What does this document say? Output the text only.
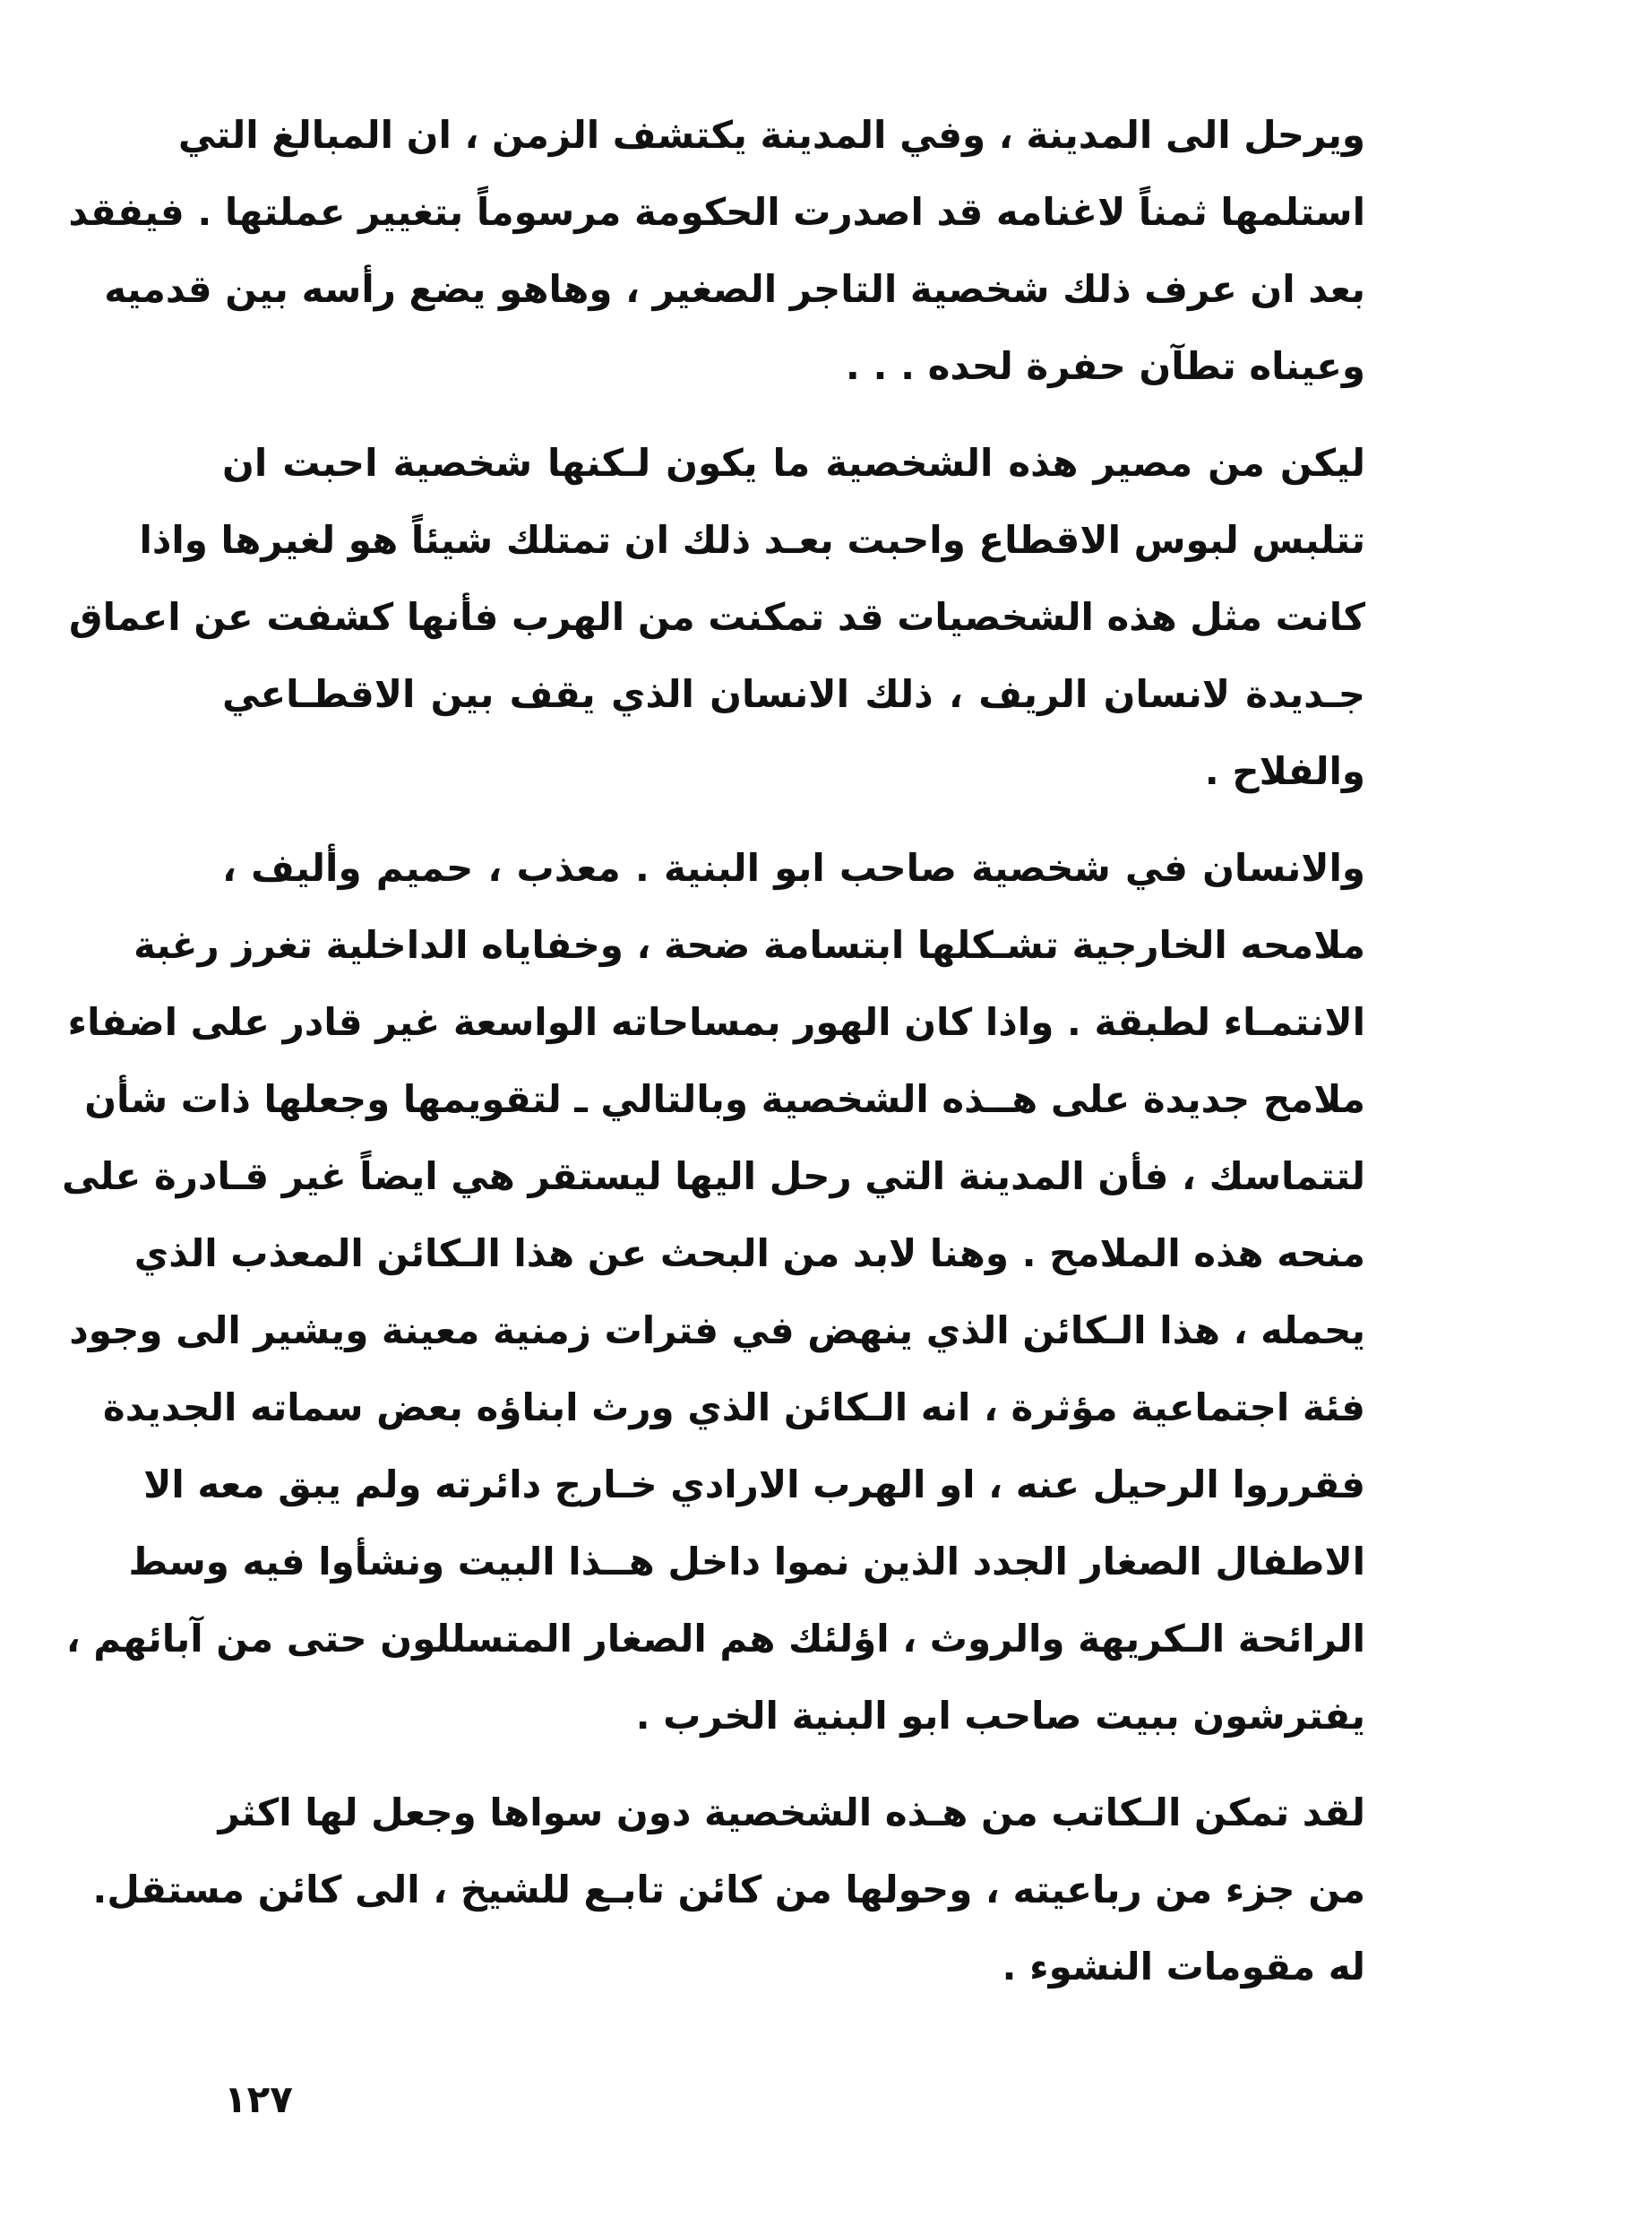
ويرحل الى المدينة ، وفي المدينة يكتشف الزمن ، ان المبالغ التي
استلمها ثمناً لاغنامه قد اصدرت الحكومة مرسوماً بتغيير عملتها . فيفقد
بعد ان عرف ذلك شخصية التاجر الصغير ، وهاهو يضع رأسه بين قدميه
وعيناه تطآن حفرة لحده . . .

ليكن من مصير هذه الشخصية ما يكون لـكنها شخصية احبت ان
تتلبس لبوس الاقطاع واحبت بعـد ذلك ان تمتلك شيئاً هو لغيرها واذا
كانت مثل هذه الشخصيات قد تمكنت من الهرب فأنها كشفت عن اعماق
جـديدة لانسان الريف ، ذلك الانسان الذي يقف بين الاقطـاعي
والفلاح .

والانسان في شخصية صاحب ابو البنية . معذب ، حميم وأليف ،
ملامحه الخارجية تشـكلها ابتسامة ضحة ، وخفاياه الداخلية تغرز رغبة
الانتمـاء لطبقة . واذا كان الهور بمساحاته الواسعة غير قادر على اضفاء
ملامح جديدة على هــذه الشخصية وبالتالي ـ لتقويمها وجعلها ذات شأن
لتتماسك ، فأن المدينة التي رحل اليها ليستقر هي ايضاً غير قـادرة على
منحه هذه الملامح . وهنا لابد من البحث عن هذا الـكائن المعذب الذي
يحمله ، هذا الـكائن الذي ينهض في فترات زمنية معينة ويشير الى وجود
فئة اجتماعية مؤثرة ، انه الـكائن الذي ورث ابناؤه بعض سماته الجديدة
فقرروا الرحيل عنه ، او الهرب الارادي خـارج دائرته ولم يبق معه الا
الاطفال الصغار الجدد الذين نموا داخل هــذا البيت ونشأوا فيه وسط
الرائحة الـكريهة والروث ، اؤلئك هم الصغار المتسللون حتى من آبائهم ،
يفترشون ببيت صاحب ابو البنية الخرب .

لقد تمكن الـكاتب من هـذه الشخصية دون سواها وجعل لها اكثر
من جزء من رباعيته ، وحولها من كائن تابـع للشيخ ، الى كائن مستقل.
له مقومات النشوء .

١٢٧
